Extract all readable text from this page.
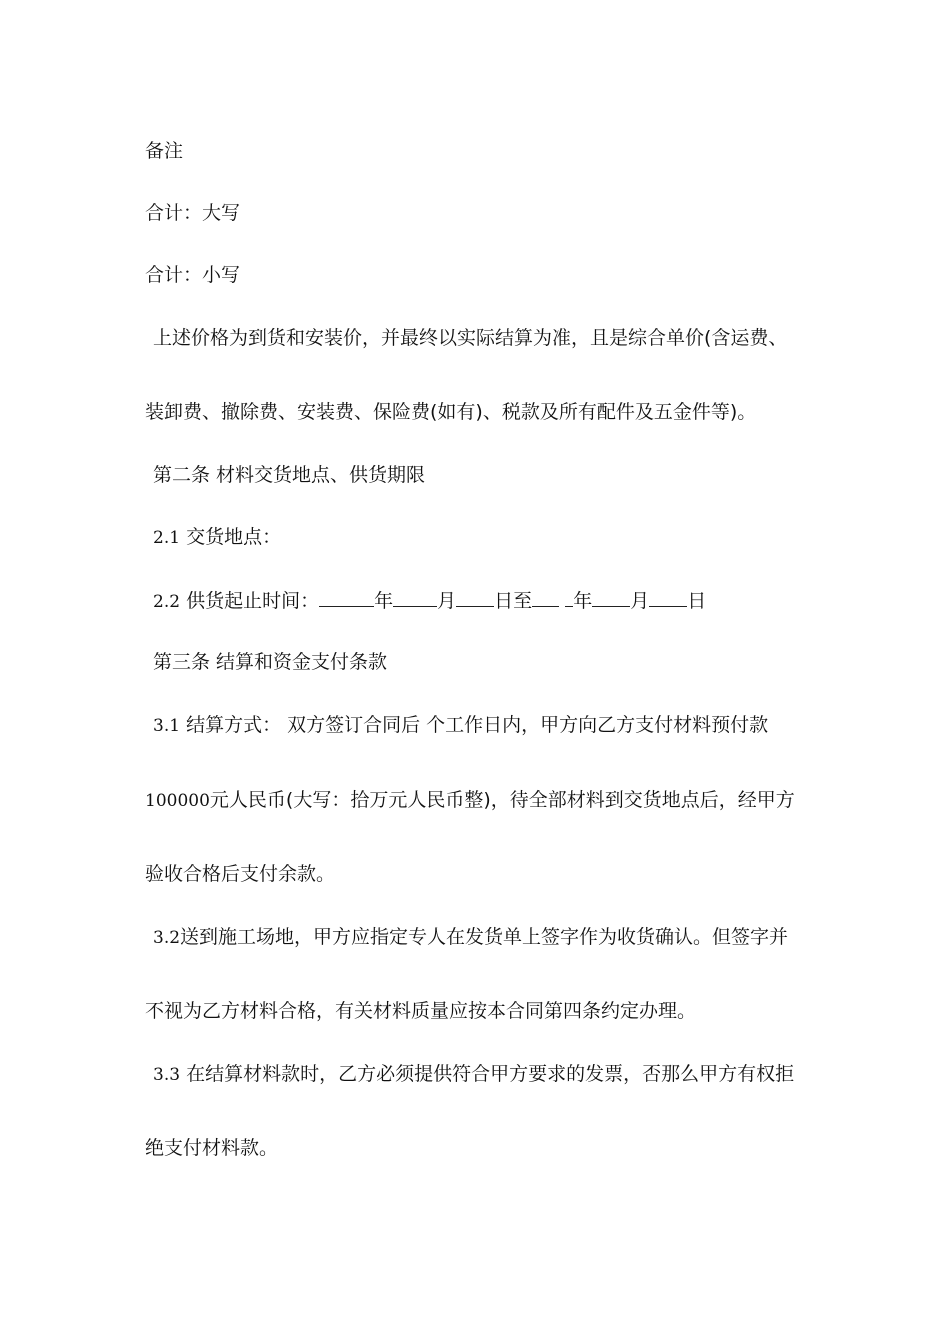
备注
合计：大写
合计：小写
上述价格为到货和安装价，并最终以实际结算为准，且是综合单价(含运费、
装卸费、撤除费、安装费、保险费(如有)、税款及所有配件及五金件等)。
第二条 材料交货地点、供货期限
2.1 交货地点：
2.2 供货起止时间：	年 月 日至 年 月 日
第三条 结算和资金支付条款
3.1 结算方式： 双方签订合同后 个工作日内，甲方向乙方支付材料预付款
100000元人民币(大写：拾万元人民币整)，待全部材料到交货地点后，经甲方
验收合格后支付余款。
3.2送到施工场地，甲方应指定专人在发货单上签字作为收货确认。但签字并
不视为乙方材料合格，有关材料质量应按本合同第四条约定办理。
3.3 在结算材料款时，乙方必须提供符合甲方要求的发票，否那么甲方有权拒
绝支付材料款。
